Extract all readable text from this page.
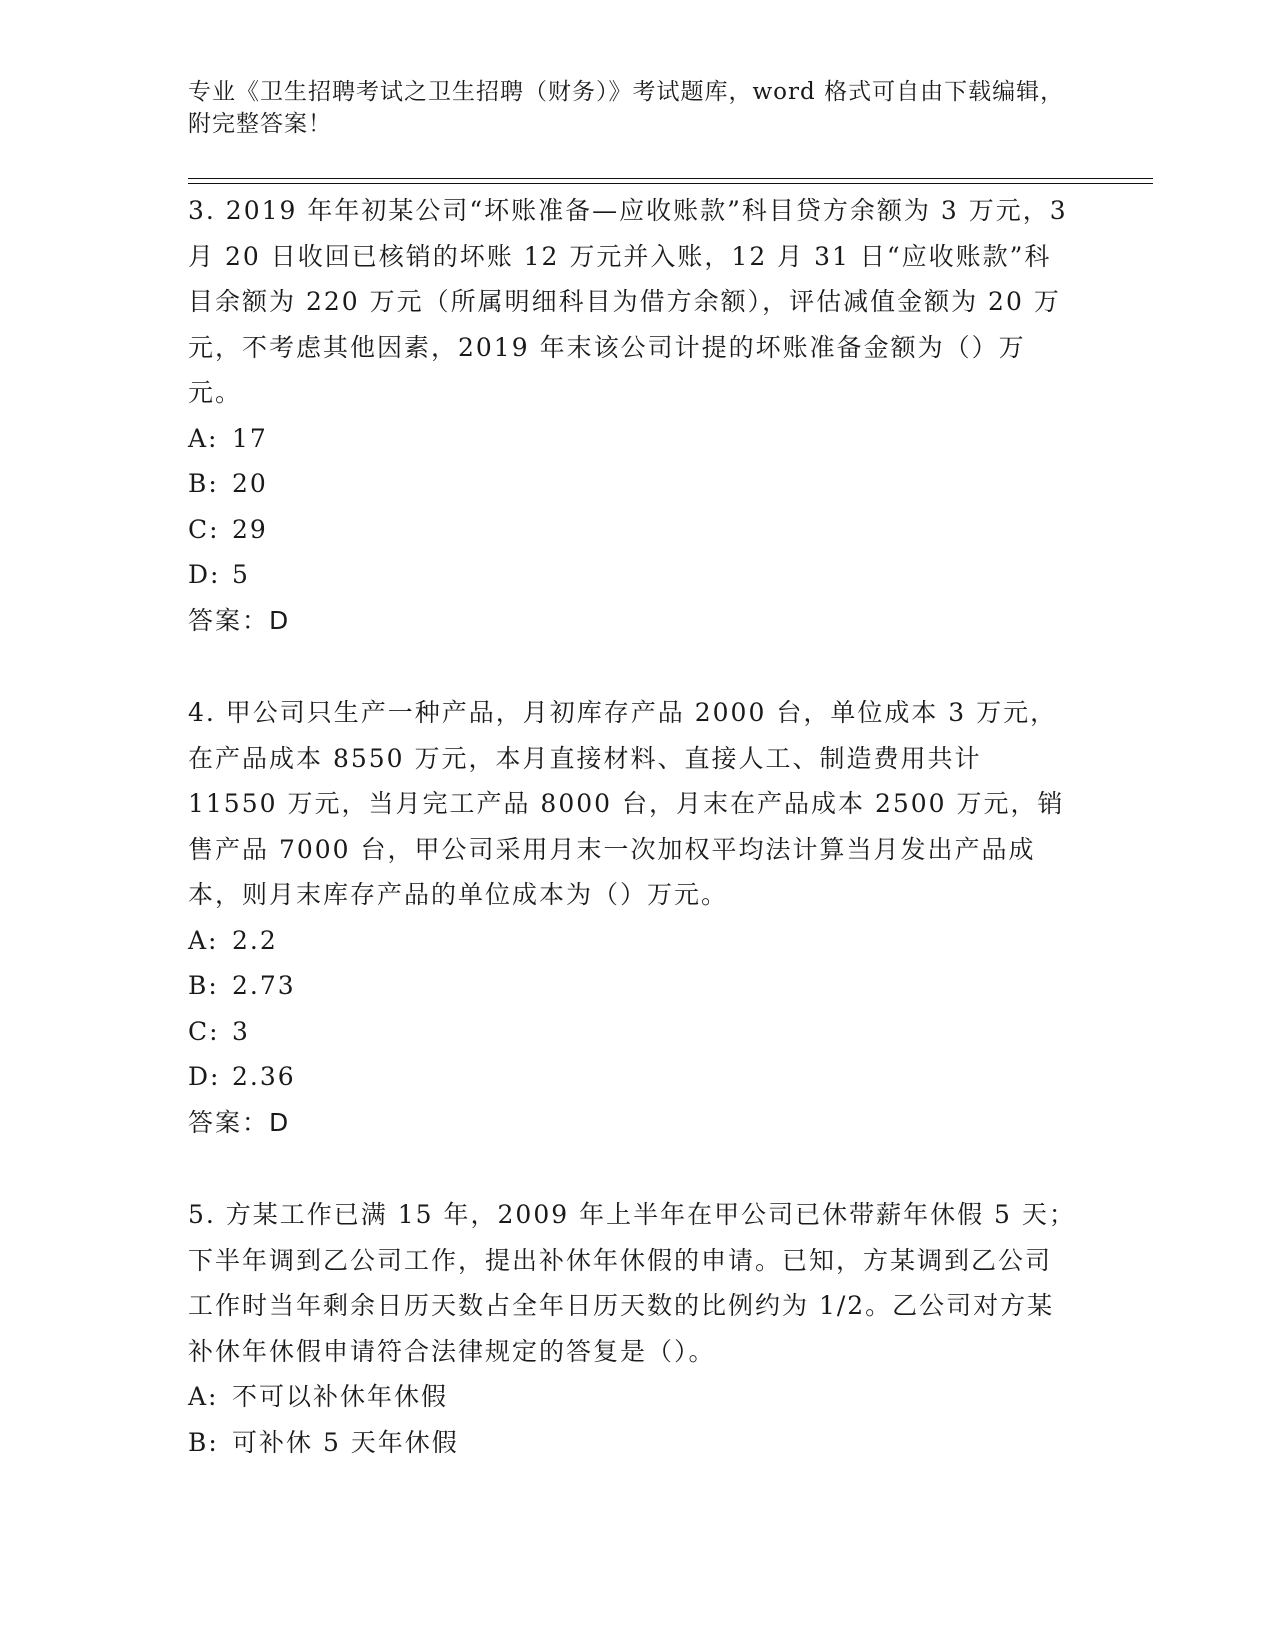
专业《卫生招聘考试之卫生招聘（财务）》考试题库，word 格式可自由下载编辑，附完整答案！
3. 2019 年年初某公司“坏账准备—应收账款”科目贷方余额为 3 万元，3 月 20 日收回已核销的坏账 12 万元并入账，12 月 31 日“应收账款”科目余额为 220 万元（所属明细科目为借方余额），评估减值金额为 20 万元，不考虑其他因素，2019 年末该公司计提的坏账准备金额为（）万元。
A: 17
B: 20
C: 29
D: 5
答案：D
4. 甲公司只生产一种产品，月初库存产品 2000 台，单位成本 3 万元，在产品成本 8550 万元，本月直接材料、直接人工、制造费用共计 11550 万元，当月完工产品 8000 台，月末在产品成本 2500 万元，销售产品 7000 台，甲公司采用月末一次加权平均法计算当月发出产品成本，则月末库存产品的单位成本为（）万元。
A: 2.2
B: 2.73
C: 3
D: 2.36
答案：D
5. 方某工作已满 15 年，2009 年上半年在甲公司已休带薪年休假 5 天；下半年调到乙公司工作，提出补休年休假的申请。已知，方某调到乙公司工作时当年剩余日历天数占全年日历天数的比例约为 1/2。乙公司对方某补休年休假申请符合法律规定的答复是（）。
A: 不可以补休年休假
B: 可补休 5 天年休假
